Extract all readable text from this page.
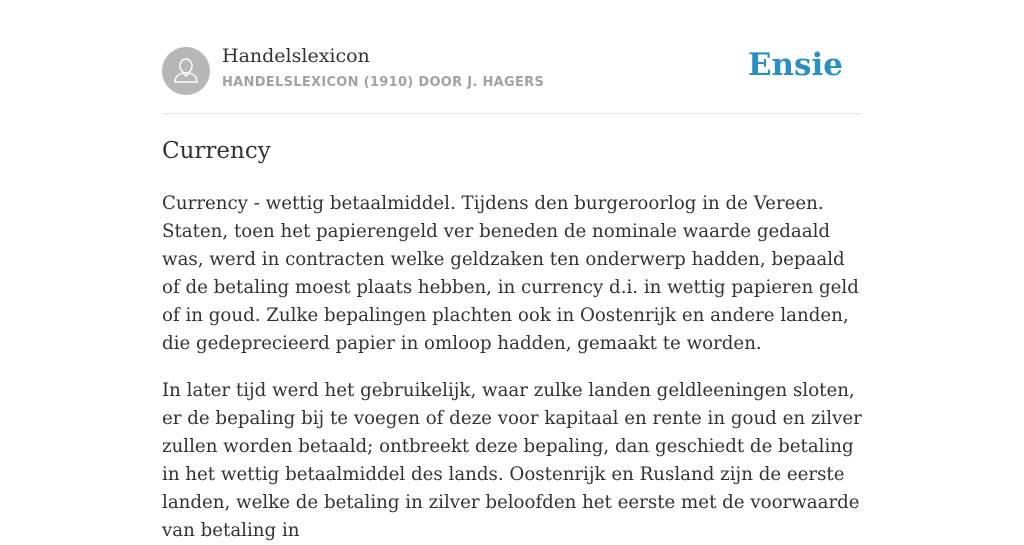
Handelslexicon
HANDELSLEXICON (1910) DOOR J. HAGERS	Ensie
Currency

Currency - wettig betaalmiddel. Tijdens den burgeroorlog in de Vereen. Staten, toen het papierengeld ver beneden de nominale waarde gedaald was, werd in contracten welke geldzaken ten onderwerp hadden, bepaald of de betaling moest plaats hebben, in currency d.i. in wettig papieren geld of in goud. Zulke bepalingen plachten ook in Oostenrijk en andere landen, die gedeprecieerd papier in omloop hadden, gemaakt te worden.

In later tijd werd het gebruikelijk, waar zulke landen geldleeningen sloten, er de bepaling bij te voegen of deze voor kapitaal en rente in goud en zilver zullen worden betaald; ontbreekt deze bepaling, dan geschiedt de betaling in het wettig betaalmiddel des lands. Oostenrijk en Rusland zijn de eerste landen, welke de betaling in zilver beloofden het eerste met de voorwaarde van betaling in
